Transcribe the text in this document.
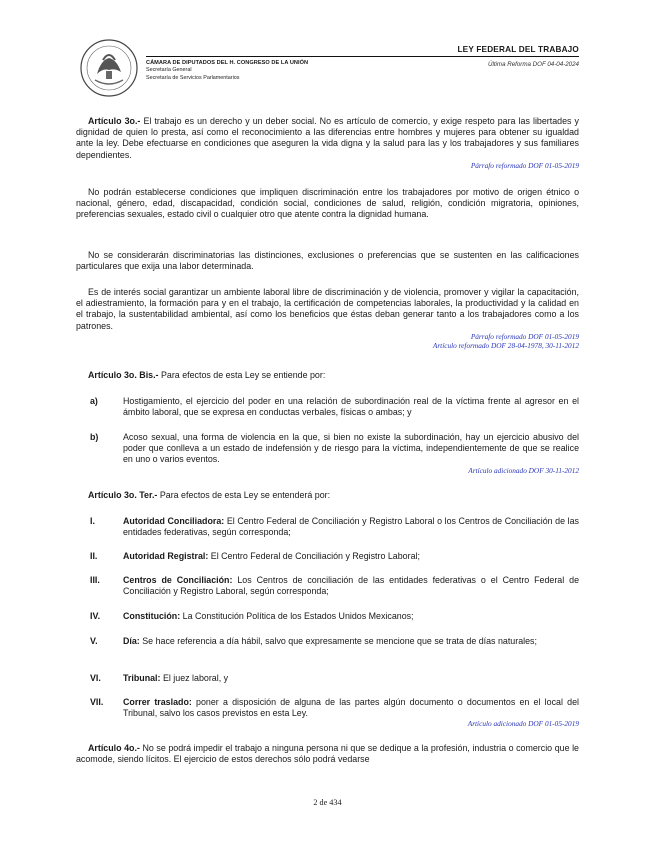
LEY FEDERAL DEL TRABAJO
CÁMARA DE DIPUTADOS DEL H. CONGRESO DE LA UNIÓN
Secretaría General
Secretaría de Servicios Parlamentarios
Última Reforma DOF 04-04-2024
Artículo 3o.- El trabajo es un derecho y un deber social. No es artículo de comercio, y exige respeto para las libertades y dignidad de quien lo presta, así como el reconocimiento a las diferencias entre hombres y mujeres para obtener su igualdad ante la ley. Debe efectuarse en condiciones que aseguren la vida digna y la salud para las y los trabajadores y sus familiares dependientes.
Párrafo reformado DOF 01-05-2019
No podrán establecerse condiciones que impliquen discriminación entre los trabajadores por motivo de origen étnico o nacional, género, edad, discapacidad, condición social, condiciones de salud, religión, condición migratoria, opiniones, preferencias sexuales, estado civil o cualquier otro que atente contra la dignidad humana.
No se considerarán discriminatorias las distinciones, exclusiones o preferencias que se sustenten en las calificaciones particulares que exija una labor determinada.
Es de interés social garantizar un ambiente laboral libre de discriminación y de violencia, promover y vigilar la capacitación, el adiestramiento, la formación para y en el trabajo, la certificación de competencias laborales, la productividad y la calidad en el trabajo, la sustentabilidad ambiental, así como los beneficios que éstas deban generar tanto a los trabajadores como a los patrones.
Párrafo reformado DOF 01-05-2019
Artículo reformado DOF 28-04-1978, 30-11-2012
Artículo 3o. Bis.- Para efectos de esta Ley se entiende por:
a)	Hostigamiento, el ejercicio del poder en una relación de subordinación real de la víctima frente al agresor en el ámbito laboral, que se expresa en conductas verbales, físicas o ambas; y
b)	Acoso sexual, una forma de violencia en la que, si bien no existe la subordinación, hay un ejercicio abusivo del poder que conlleva a un estado de indefensión y de riesgo para la víctima, independientemente de que se realice en uno o varios eventos.
Artículo adicionado DOF 30-11-2012
Artículo 3o. Ter.- Para efectos de esta Ley se entenderá por:
I.	Autoridad Conciliadora: El Centro Federal de Conciliación y Registro Laboral o los Centros de Conciliación de las entidades federativas, según corresponda;
II.	Autoridad Registral: El Centro Federal de Conciliación y Registro Laboral;
III.	Centros de Conciliación: Los Centros de conciliación de las entidades federativas o el Centro Federal de Conciliación y Registro Laboral, según corresponda;
IV.	Constitución: La Constitución Política de los Estados Unidos Mexicanos;
V.	Día: Se hace referencia a día hábil, salvo que expresamente se mencione que se trata de días naturales;
VI. Tribunal: El juez laboral, y
VII. Correr traslado: poner a disposición de alguna de las partes algún documento o documentos en el local del Tribunal, salvo los casos previstos en esta Ley.
Artículo adicionado DOF 01-05-2019
Artículo 4o.- No se podrá impedir el trabajo a ninguna persona ni que se dedique a la profesión, industria o comercio que le acomode, siendo lícitos. El ejercicio de estos derechos sólo podrá vedarse
2 de 434
